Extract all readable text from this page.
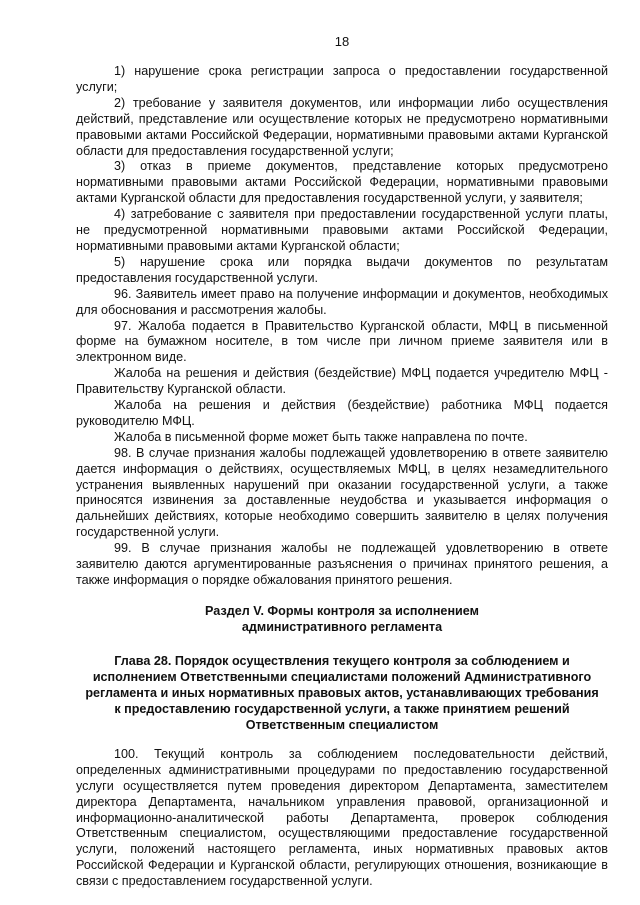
18

1) нарушение срока регистрации запроса о предоставлении государственной услуги;

2) требование у заявителя документов, или информации либо осуществления действий, представление или осуществление которых не предусмотрено нормативными правовыми актами Российской Федерации, нормативными правовыми актами Курганской области для предоставления государственной услуги;

3) отказ в приеме документов, представление которых предусмотрено нормативными правовыми актами Российской Федерации, нормативными правовыми актами Курганской области для предоставления государственной услуги, у заявителя;

4) затребование с заявителя при предоставлении государственной услуги платы, не предусмотренной нормативными правовыми актами Российской Федерации, нормативными правовыми актами Курганской области;

5) нарушение срока или порядка выдачи документов по результатам предоставления государственной услуги.

96. Заявитель имеет право на получение информации и документов, необходимых для обоснования и рассмотрения жалобы.

97. Жалоба подается в Правительство Курганской области, МФЦ в письменной форме на бумажном носителе, в том числе при личном приеме заявителя или в электронном виде.

Жалоба на решения и действия (бездействие) МФЦ подается учредителю МФЦ - Правительству Курганской области.

Жалоба на решения и действия (бездействие) работника МФЦ подается руководителю МФЦ.

Жалоба в письменной форме может быть также направлена по почте.

98. В случае признания жалобы подлежащей удовлетворению в ответе заявителю дается информация о действиях, осуществляемых МФЦ, в целях незамедлительного устранения выявленных нарушений при оказании государственной услуги, а также приносятся извинения за доставленные неудобства и указывается информация о дальнейших действиях, которые необходимо совершить заявителю в целях получения государственной услуги.

99. В случае признания жалобы не подлежащей удовлетворению в ответе заявителю даются аргументированные разъяснения о причинах принятого решения, а также информация о порядке обжалования принятого решения.

Раздел V. Формы контроля за исполнением
административного регламента
Глава 28. Порядок осуществления текущего контроля за соблюдением и
исполнением Ответственными специалистами положений Административного
регламента и иных нормативных правовых актов, устанавливающих требования
к предоставлению государственной услуги, а также принятием решений
Ответственным специалистом

100. Текущий контроль за соблюдением последовательности действий, определенных административными процедурами по предоставлению государственной услуги осуществляется путем проведения директором Департамента, заместителем директора Департамента, начальником управления правовой, организационной и информационно-аналитической работы Департамента, проверок соблюдения Ответственным специалистом, осуществляющими предоставление государственной услуги, положений настоящего регламента, иных нормативных правовых актов Российской Федерации и Курганской области, регулирующих отношения, возникающие в связи с предоставлением государственной услуги.
